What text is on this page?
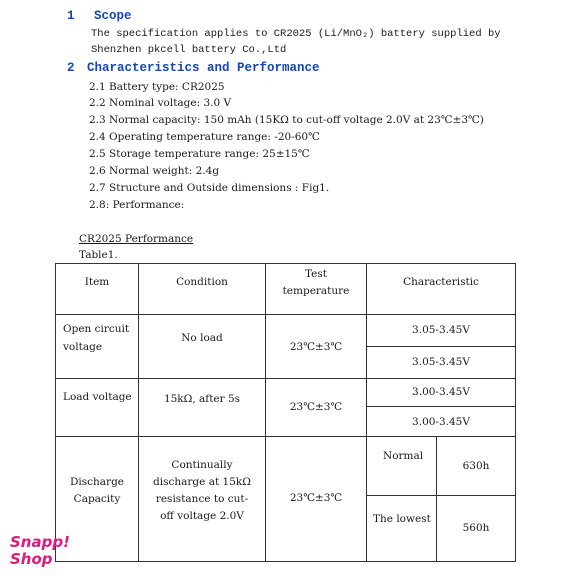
1 Scope
The specification applies to CR2025 (Li/MnO₂) battery supplied by
Shenzhen pkcell battery Co.,Ltd
2 Characteristics and Performance
2.1 Battery type: CR2025
2.2 Nominal voltage: 3.0 V
2.3 Normal capacity: 150 mAh (15KΩ to cut-off voltage 2.0V at 23℃±3℃)
2.4 Operating temperature range: -20-60℃
2.5 Storage temperature range: 25±15℃
2.6 Normal weight: 2.4g
2.7 Structure and Outside dimensions : Fig1.
2.8: Performance:
CR2025 Performance
Table1.
Item	Condition
Test
temperature
Characteristic
Open circuit
voltage
No load
23℃±3℃
3.05-3.45V
3.05-3.45V
Load voltage	15kΩ, after 5s
23℃±3℃
3.00-3.45V
3.00-3.45V
Discharge
Capacity
Continually
discharge at 15kΩ
resistance to cut-
off voltage 2.0V
23℃±3℃
Normal
630h
The lowest
560h
Snapp!
Shop
